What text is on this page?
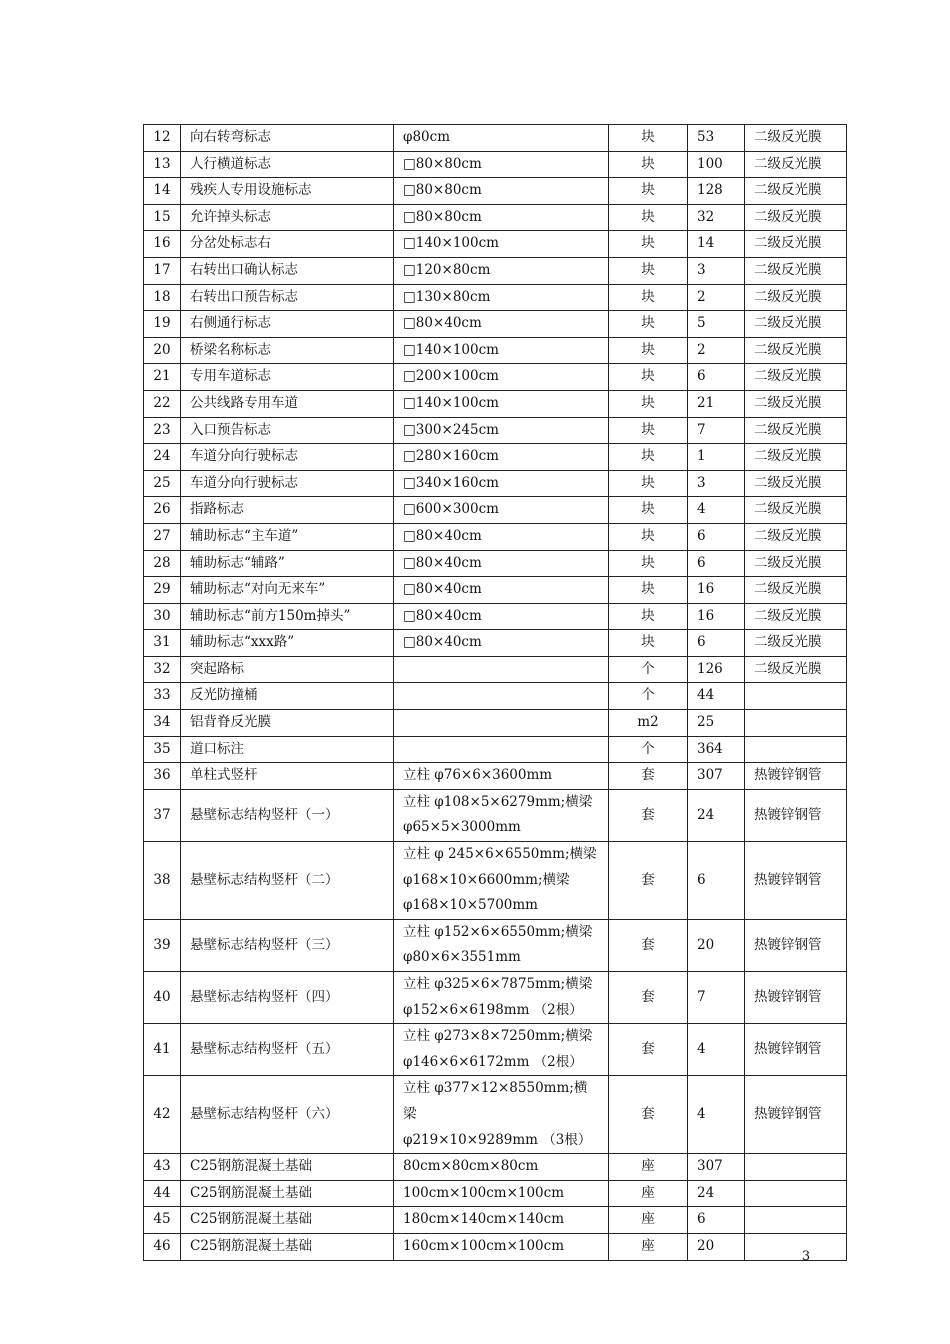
12	向右转弯标志	φ80cm	块	53	二级反光膜
13	人行横道标志	□80×80cm	块	100	二级反光膜
14	残疾人专用设施标志	□80×80cm	块	128	二级反光膜
15	允许掉头标志	□80×80cm	块	32	二级反光膜
16	分岔处标志右	□140×100cm	块	14	二级反光膜
17	右转出口确认标志	□120×80cm	块	3	二级反光膜
18	右转出口预告标志	□130×80cm	块	2	二级反光膜
19	右侧通行标志	□80×40cm	块	5	二级反光膜
20	桥梁名称标志	□140×100cm	块	2	二级反光膜
21	专用车道标志	□200×100cm	块	6	二级反光膜
22	公共线路专用车道	□140×100cm	块	21	二级反光膜
23	入口预告标志	□300×245cm	块	7	二级反光膜
24	车道分向行驶标志	□280×160cm	块	1	二级反光膜
25	车道分向行驶标志	□340×160cm	块	3	二级反光膜
26	指路标志	□600×300cm	块	4	二级反光膜
27	辅助标志“主车道”	□80×40cm	块	6	二级反光膜
28	辅助标志“辅路”	□80×40cm	块	6	二级反光膜
29	辅助标志“对向无来车”	□80×40cm	块	16	二级反光膜
30	辅助标志“前方150m掉头”	□80×40cm	块	16	二级反光膜
31	辅助标志“xxx路”	□80×40cm	块	6	二级反光膜
32	突起路标		个	126	二级反光膜
33	反光防撞桶		个	44	
34	铝背脊反光膜		m2	25	
35	道口标注		个	364	
36	单柱式竖杆	立柱 φ76×6×3600mm	套	307	热镀锌钢管
37	悬壁标志结构竖杆（一）	立柱 φ108×5×6279mm;横梁
φ65×5×3000mm	套	24	热镀锌钢管
38	悬壁标志结构竖杆（二）	立柱 φ 245×6×6550mm;横梁
φ168×10×6600mm;横梁
φ168×10×5700mm	套	6	热镀锌钢管
39	悬壁标志结构竖杆（三）	立柱 φ152×6×6550mm;横梁
φ80×6×3551mm	套	20	热镀锌钢管
40	悬壁标志结构竖杆（四）	立柱 φ325×6×7875mm;横梁
φ152×6×6198mm （2根）	套	7	热镀锌钢管
41	悬壁标志结构竖杆（五）	立柱 φ273×8×7250mm;横梁
φ146×6×6172mm （2根）	套	4	热镀锌钢管
42	悬壁标志结构竖杆（六）	立柱 φ377×12×8550mm;横梁
φ219×10×9289mm （3根）	套	4	热镀锌钢管
43	C25钢筋混凝土基础	80cm×80cm×80cm	座	307	
44	C25钢筋混凝土基础	100cm×100cm×100cm	座	24	
45	C25钢筋混凝土基础	180cm×140cm×140cm	座	6	
46	C25钢筋混凝土基础	160cm×100cm×100cm	座	20	
3
